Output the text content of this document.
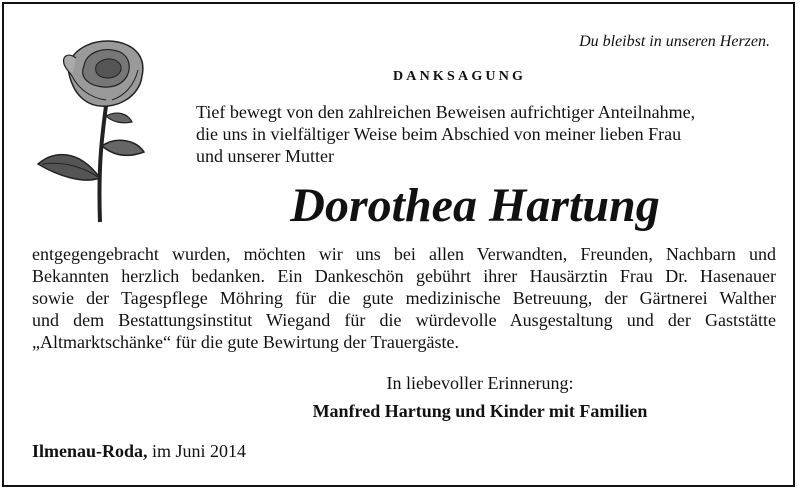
Du bleibst in unseren Herzen.
DANKSAGUNG
Tief bewegt von den zahlreichen Beweisen aufrichtiger Anteilnahme,
die uns in vielfältiger Weise beim Abschied von meiner lieben Frau
und unserer Mutter
Dorothea Hartung
entgegengebracht wurden, möchten wir uns bei allen Verwandten, Freunden, Nachbarn und
Bekannten herzlich bedanken. Ein Dankeschön gebührt ihrer Hausärztin Frau Dr. Hasenauer
sowie der Tagespflege Möhring für die gute medizinische Betreuung, der Gärtnerei Walther
und dem Bestattungsinstitut Wiegand für die würdevolle Ausgestaltung und der Gaststätte
„Altmarktschänke“ für die gute Bewirtung der Trauergäste.
In liebevoller Erinnerung:
Manfred Hartung und Kinder mit Familien
Ilmenau-Roda, im Juni 2014
